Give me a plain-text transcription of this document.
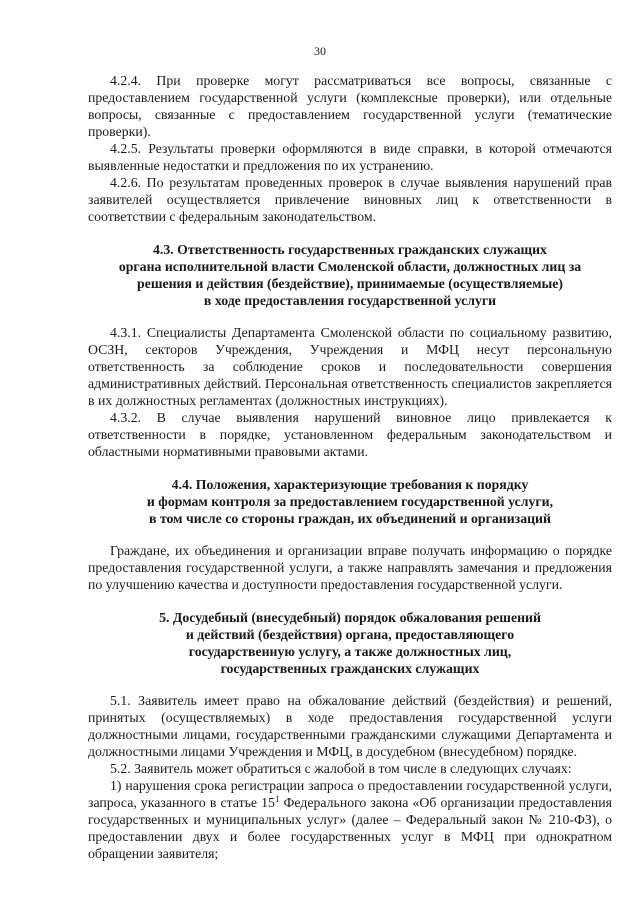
30

4.2.4. При проверке могут рассматриваться все вопросы, связанные с предоставлением государственной услуги (комплексные проверки), или отдельные вопросы, связанные с предоставлением государственной услуги (тематические проверки).

4.2.5. Результаты проверки оформляются в виде справки, в которой отмечаются выявленные недостатки и предложения по их устранению.

4.2.6. По результатам проведенных проверок в случае выявления нарушений прав заявителей осуществляется привлечение виновных лиц к ответственности в соответствии с федеральным законодательством.

4.3. Ответственность государственных гражданских служащих
органа исполнительной власти Смоленской области, должностных лиц за
решения и действия (бездействие), принимаемые (осуществляемые)
в ходе предоставления государственной услуги

4.3.1. Специалисты Департамента Смоленской области по социальному развитию, ОСЗН, секторов Учреждения, Учреждения и МФЦ несут персональную ответственность за соблюдение сроков и последовательности совершения административных действий. Персональная ответственность специалистов закрепляется в их должностных регламентах (должностных инструкциях).

4.3.2. В случае выявления нарушений виновное лицо привлекается к ответственности в порядке, установленном федеральным законодательством и областными нормативными правовыми актами.

4.4. Положения, характеризующие требования к порядку
и формам контроля за предоставлением государственной услуги,
в том числе со стороны граждан, их объединений и организаций

Граждане, их объединения и организации вправе получать информацию о порядке предоставления государственной услуги, а также направлять замечания и предложения по улучшению качества и доступности предоставления государственной услуги.

5. Досудебный (внесудебный) порядок обжалования решений
и действий (бездействия) органа, предоставляющего
государственную услугу, а также должностных лиц,
государственных гражданских служащих

5.1. Заявитель имеет право на обжалование действий (бездействия) и решений, принятых (осуществляемых) в ходе предоставления государственной услуги должностными лицами, государственными гражданскими служащими Департамента и должностными лицами Учреждения и МФЦ, в досудебном (внесудебном) порядке.

5.2. Заявитель может обратиться с жалобой в том числе в следующих случаях:

1) нарушения срока регистрации запроса о предоставлении государственной услуги, запроса, указанного в статье $15^1$ Федерального закона «Об организации предоставления государственных и муниципальных услуг» (далее – Федеральный закон № 210-ФЗ), о предоставлении двух и более государственных услуг в МФЦ при однократном обращении заявителя;
